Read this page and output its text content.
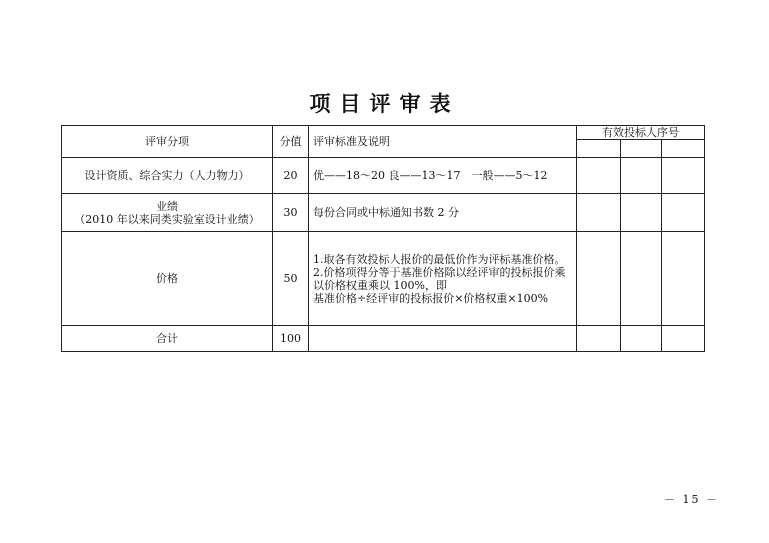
项目评审表
评审分项	分值	评审标准及说明	有效投标人序号		

设计资质、综合实力（人力物力）	20	优——18～20 良——13～17　一般——5～12			

业绩
（2010 年以来同类实验室设计业绩）	30	每份合同或中标通知书数 2 分			
价格	50	1.取各有效投标人报价的最低价作为评标基准价格。
2.价格项得分等于基准价格除以经评审的投标报价乘以价格权重乘以 100%，即
基准价格÷经评审的投标报价×价格权重×100%			

合计	100				
－ 15 －
